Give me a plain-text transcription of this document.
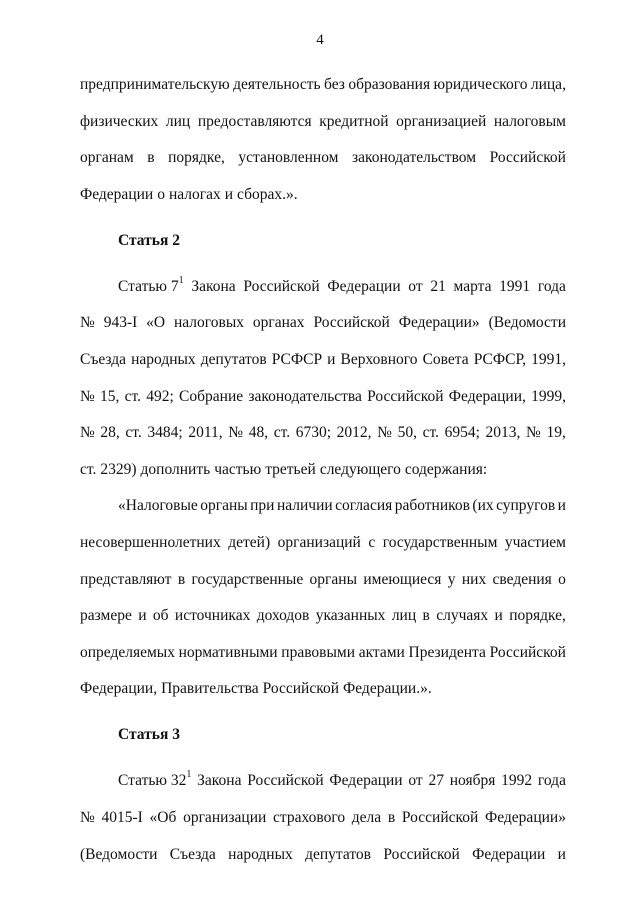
4
предпринимательскую деятельность без образования юридического лица,
физических лиц предоставляются кредитной организацией налоговым
органам в порядке, установленном законодательством Российской
Федерации о налогах и сборах.».
Статья 2
Статью $7^1$ Закона Российской Федерации от 21 марта 1991 года
№ 943-I «О налоговых органах Российской Федерации» (Ведомости
Съезда народных депутатов РСФСР и Верховного Совета РСФСР, 1991,
№ 15, ст. 492; Собрание законодательства Российской Федерации, 1999,
№ 28, ст. 3484; 2011, № 48, ст. 6730; 2012, № 50, ст. 6954; 2013, № 19,
ст. 2329) дополнить частью третьей следующего содержания:
«Налоговые органы при наличии согласия работников (их супругов и
несовершеннолетних детей) организаций с государственным участием
представляют в государственные органы имеющиеся у них сведения о
размере и об источниках доходов указанных лиц в случаях и порядке,
определяемых нормативными правовыми актами Президента Российской
Федерации, Правительства Российской Федерации.».
Статья 3
Статью $32^1$ Закона Российской Федерации от 27 ноября 1992 года
№ 4015-I «Об организации страхового дела в Российской Федерации»
(Ведомости Съезда народных депутатов Российской Федерации и
